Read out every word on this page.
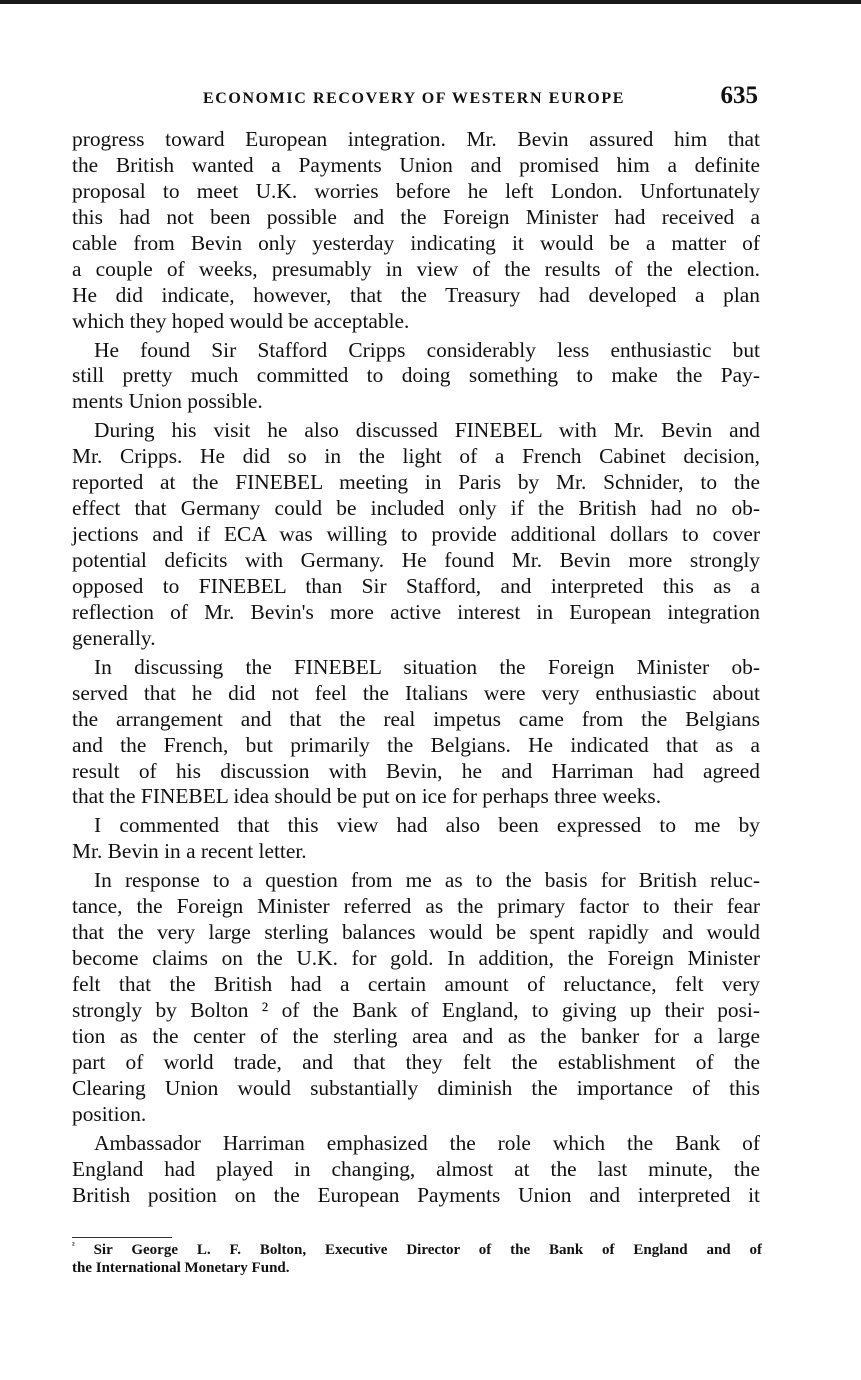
ECONOMIC RECOVERY OF WESTERN EUROPE	635
progress toward European integration. Mr. Bevin assured him that
the British wanted a Payments Union and promised him a definite
proposal to meet U.K. worries before he left London. Unfortunately
this had not been possible and the Foreign Minister had received a
cable from Bevin only yesterday indicating it would be a matter of
a couple of weeks, presumably in view of the results of the election.
He did indicate, however, that the Treasury had developed a plan
which they hoped would be acceptable.
He found Sir Stafford Cripps considerably less enthusiastic but
still pretty much committed to doing something to make the Pay-
ments Union possible.
During his visit he also discussed FINEBEL with Mr. Bevin and
Mr. Cripps. He did so in the light of a French Cabinet decision,
reported at the FINEBEL meeting in Paris by Mr. Schnider, to the
effect that Germany could be included only if the British had no ob-
jections and if ECA was willing to provide additional dollars to cover
potential deficits with Germany. He found Mr. Bevin more strongly
opposed to FINEBEL than Sir Stafford, and interpreted this as a
reflection of Mr. Bevin's more active interest in European integration
generally.
In discussing the FINEBEL situation the Foreign Minister ob-
served that he did not feel the Italians were very enthusiastic about
the arrangement and that the real impetus came from the Belgians
and the French, but primarily the Belgians. He indicated that as a
result of his discussion with Bevin, he and Harriman had agreed
that the FINEBEL idea should be put on ice for perhaps three weeks.
I commented that this view had also been expressed to me by
Mr. Bevin in a recent letter.
In response to a question from me as to the basis for British reluc-
tance, the Foreign Minister referred as the primary factor to their fear
that the very large sterling balances would be spent rapidly and would
become claims on the U.K. for gold. In addition, the Foreign Minister
felt that the British had a certain amount of reluctance, felt very
strongly by Bolton ² of the Bank of England, to giving up their posi-
tion as the center of the sterling area and as the banker for a large
part of world trade, and that they felt the establishment of the
Clearing Union would substantially diminish the importance of this
position.
Ambassador Harriman emphasized the role which the Bank of
England had played in changing, almost at the last minute, the
British position on the European Payments Union and interpreted it
$^{^2}$ Sir George L. F. Bolton, Executive Director of the Bank of England and of
the International Monetary Fund.
